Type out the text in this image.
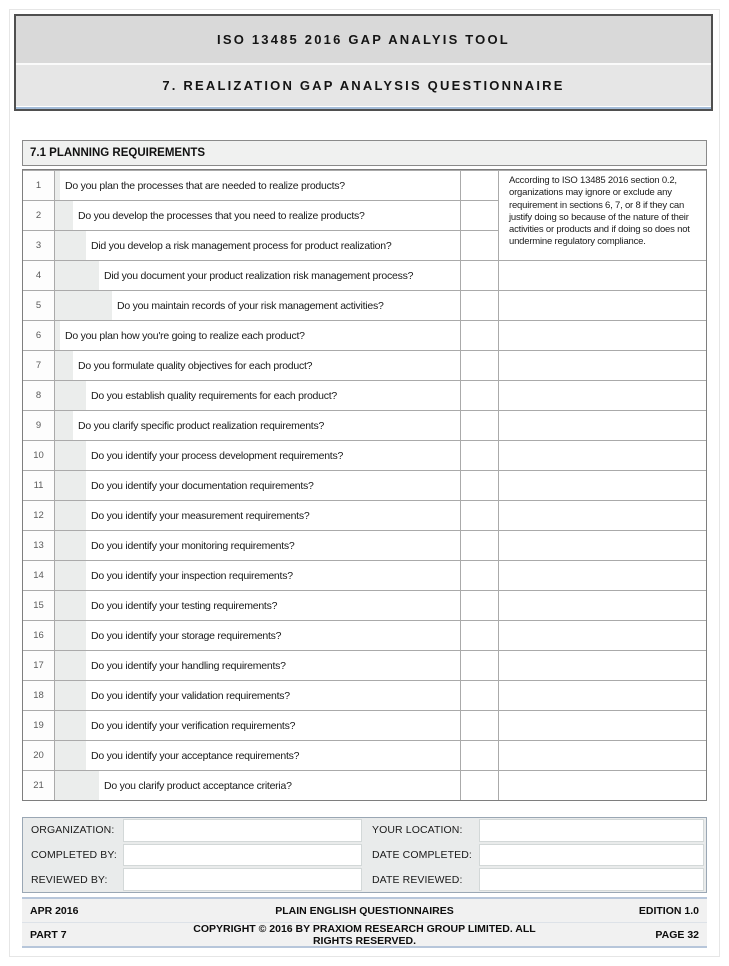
ISO 13485 2016 GAP ANALYIS TOOL
7. REALIZATION GAP ANALYSIS QUESTIONNAIRE
7.1 PLANNING REQUIREMENTS
According to ISO 13485 2016 section 0.2, organizations may ignore or exclude any requirement in sections 6, 7, or 8 if they can justify doing so because of the nature of their activities or products and if doing so does not undermine regulatory compliance.
1	Do you plan the processes that are needed to realize products?
2	Do you develop the processes that you need to realize products?
3	Did you develop a risk management process for product realization?
4	Did you document your product realization risk management process?
5	Do you maintain records of your risk management activities?
6	Do you plan how you're going to realize each product?
7	Do you formulate quality objectives for each product?
8	Do you establish quality requirements for each product?
9	Do you clarify specific product realization requirements?
10	Do you identify your process development requirements?
11	Do you identify your documentation requirements?
12	Do you identify your measurement requirements?
13	Do you identify your monitoring requirements?
14	Do you identify your inspection requirements?
15	Do you identify your testing requirements?
16	Do you identify your storage requirements?
17	Do you identify your handling requirements?
18	Do you identify your validation requirements?
19	Do you identify your verification requirements?
20	Do you identify your acceptance requirements?
21	Do you clarify product acceptance criteria?
ORGANIZATION:	YOUR LOCATION:
COMPLETED BY:	DATE COMPLETED:
REVIEWED BY:	DATE REVIEWED:
APR 2016	PLAIN ENGLISH QUESTIONNAIRES	EDITION 1.0
PART 7	COPYRIGHT © 2016 BY PRAXIOM RESEARCH GROUP LIMITED. ALL RIGHTS RESERVED.	PAGE 32
